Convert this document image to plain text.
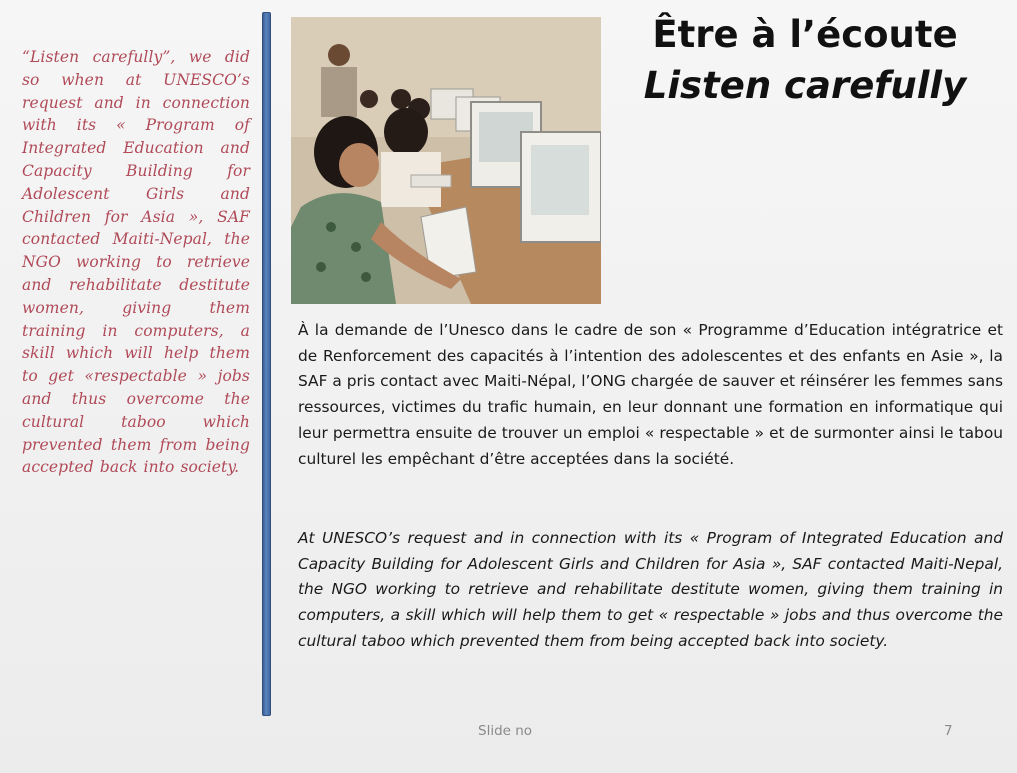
“Listen carefully”, we did so when at UNESCO’s request and in connection with its « Program of Integrated Education and Capacity Building for Adolescent Girls and Children for Asia », SAF contacted Maiti-Nepal, the NGO working to retrieve and rehabilitate destitute women, giving them training in computers, a skill which will help them to get «respectable » jobs and thus overcome the cultural taboo which prevented them from being accepted back into society.

Être à l’écoute

Listen carefully

À la demande de l’Unesco dans le cadre de son « Programme d’Education intégratrice et de Renforcement des capacités à l’intention des adolescentes et des enfants en Asie », la SAF a pris contact avec Maiti-Népal, l’ONG chargée de sauver et réinsérer les femmes sans ressources, victimes du trafic humain, en leur donnant une formation en informatique qui leur permettra ensuite de trouver un emploi « respectable » et de surmonter ainsi le tabou culturel les empêchant d’être acceptées dans la société.

At UNESCO’s request and in connection with its « Program of Integrated Education and Capacity Building for Adolescent Girls and Children for Asia », SAF contacted Maiti-Nepal, the NGO working to retrieve and rehabilitate destitute women, giving them training in computers, a skill which will help them to get « respectable » jobs and thus overcome the cultural taboo which prevented them from being accepted back into society.

Slide no	7
